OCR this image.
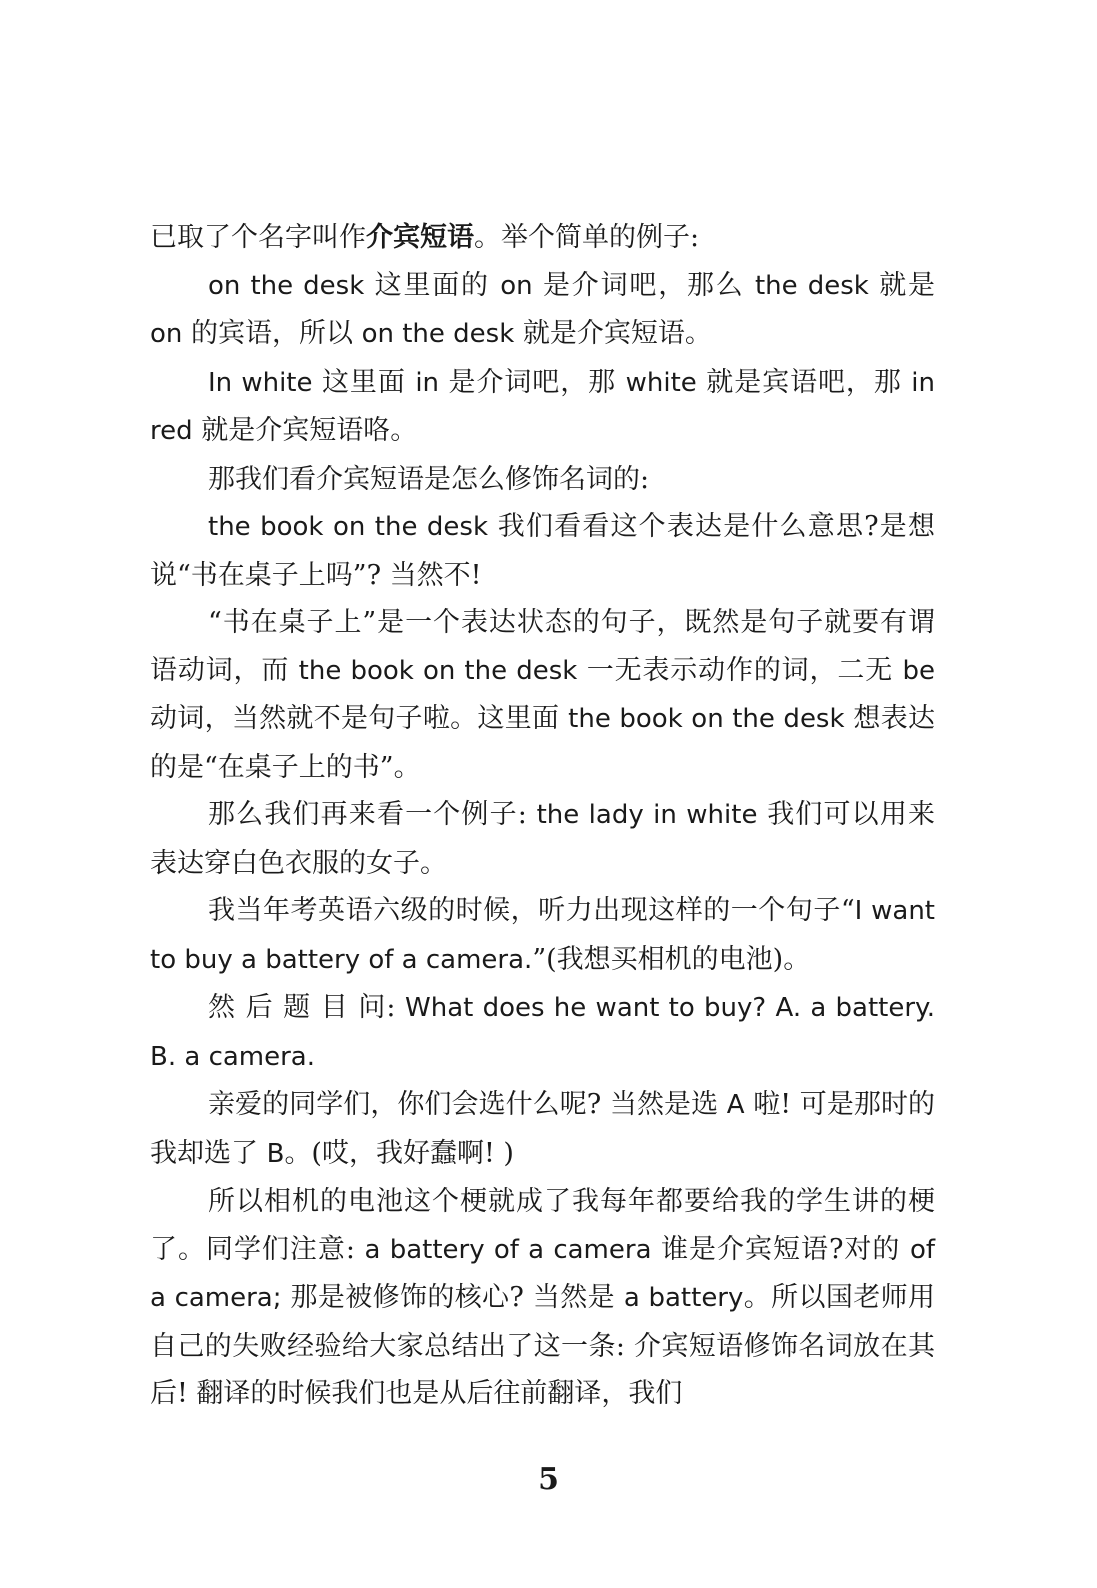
已取了个名字叫作介宾短语。举个简单的例子:

on the desk 这里面的 on 是介词吧，那么 the desk 就是 on 的宾语，所以 on the desk 就是介宾短语。

In white 这里面 in 是介词吧，那 white 就是宾语吧，那 in red 就是介宾短语咯。

那我们看介宾短语是怎么修饰名词的:

the book on the desk 我们看看这个表达是什么意思?是想说“书在桌子上吗”? 当然不!

“书在桌子上”是一个表达状态的句子，既然是句子就要有谓语动词，而 the book on the desk 一无表示动作的词，二无 be 动词，当然就不是句子啦。这里面 the book on the desk 想表达的是“在桌子上的书”。

那么我们再来看一个例子: the lady in white 我们可以用来表达穿白色衣服的女子。

我当年考英语六级的时候，听力出现这样的一个句子“I want to buy a battery of a camera.”(我想买相机的电池)。

然 后 题 目 问: What does he want to buy? A. a battery. B. a camera.

亲爱的同学们，你们会选什么呢? 当然是选 A 啦! 可是那时的我却选了 B。(哎，我好蠢啊! )

所以相机的电池这个梗就成了我每年都要给我的学生讲的梗了。同学们注意: a battery of a camera 谁是介宾短语?对的 of a camera; 那是被修饰的核心? 当然是 a battery。所以国老师用自己的失败经验给大家总结出了这一条: 介宾短语修饰名词放在其后! 翻译的时候我们也是从后往前翻译，我们

5
